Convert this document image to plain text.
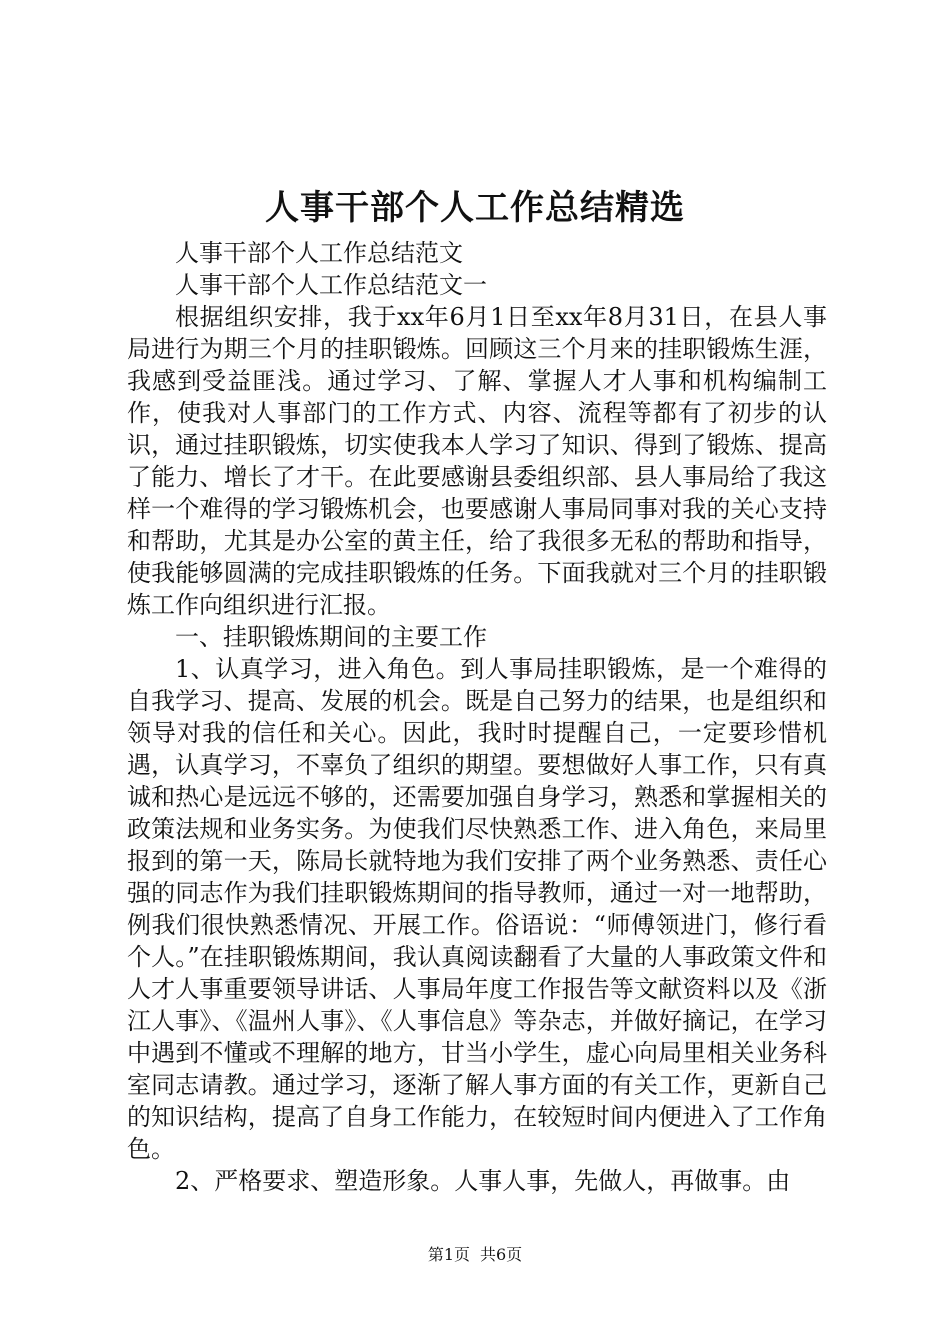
人事干部个人工作总结精选

人事干部个人工作总结范文

人事干部个人工作总结范文一

根据组织安排，我于xx年6月1日至xx年8月31日，在县人事局进行为期三个月的挂职锻炼。回顾这三个月来的挂职锻炼生涯，我感到受益匪浅。通过学习、了解、掌握人才人事和机构编制工作，使我对人事部门的工作方式、内容、流程等都有了初步的认识，通过挂职锻炼，切实使我本人学习了知识、得到了锻炼、提高了能力、增长了才干。在此要感谢县委组织部、县人事局给了我这样一个难得的学习锻炼机会，也要感谢人事局同事对我的关心支持和帮助，尤其是办公室的黄主任，给了我很多无私的帮助和指导，使我能够圆满的完成挂职锻炼的任务。下面我就对三个月的挂职锻炼工作向组织进行汇报。

一、挂职锻炼期间的主要工作

1、认真学习，进入角色。到人事局挂职锻炼，是一个难得的自我学习、提高、发展的机会。既是自己努力的结果，也是组织和领导对我的信任和关心。因此，我时时提醒自己，一定要珍惜机遇，认真学习，不辜负了组织的期望。要想做好人事工作，只有真诚和热心是远远不够的，还需要加强自身学习，熟悉和掌握相关的政策法规和业务实务。为使我们尽快熟悉工作、进入角色，来局里报到的第一天，陈局长就特地为我们安排了两个业务熟悉、责任心强的同志作为我们挂职锻炼期间的指导教师，通过一对一地帮助，例我们很快熟悉情况、开展工作。俗语说：“师傅领进门，修行看个人。”在挂职锻炼期间，我认真阅读翻看了大量的人事政策文件和人才人事重要领导讲话、人事局年度工作报告等文献资料以及《浙江人事》、《温州人事》、《人事信息》等杂志，并做好摘记，在学习中遇到不懂或不理解的地方，甘当小学生，虚心向局里相关业务科室同志请教。通过学习，逐渐了解人事方面的有关工作，更新自己的知识结构，提高了自身工作能力，在较短时间内便进入了工作角色。

2、严格要求、塑造形象。人事人事，先做人，再做事。由

第1页 共6页
